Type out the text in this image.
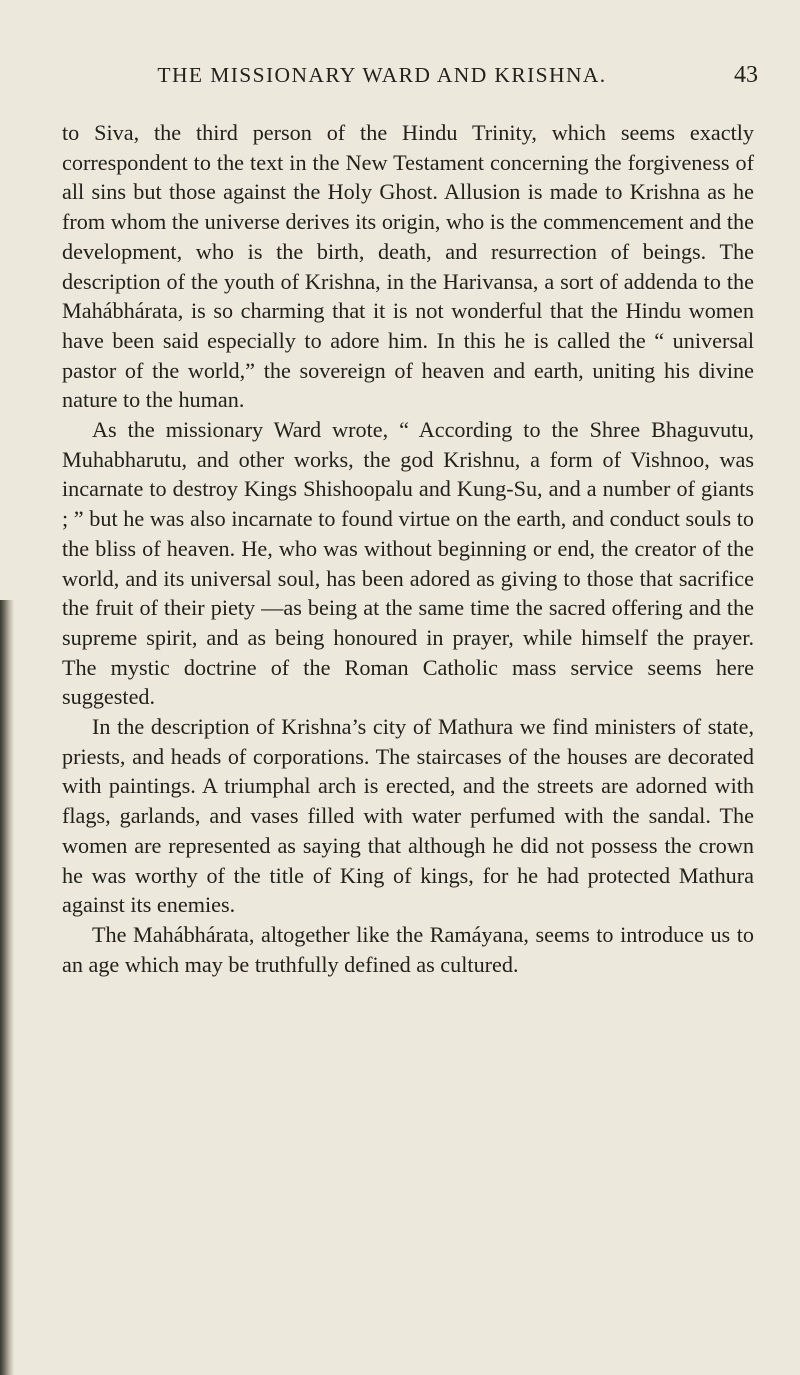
THE MISSIONARY WARD AND KRISHNA.	43

to Siva, the third person of the Hindu Trinity, which seems exactly correspondent to the text in the New Testament concerning the forgiveness of all sins but those against the Holy Ghost. Allusion is made to Krishna as he from whom the universe derives its origin, who is the commencement and the development, who is the birth, death, and resurrection of beings. The description of the youth of Krishna, in the Harivansa, a sort of addenda to the Mahábhárata, is so charming that it is not wonderful that the Hindu women have been said especially to adore him. In this he is called the “ universal pastor of the world,” the sovereign of heaven and earth, uniting his divine nature to the human.

As the missionary Ward wrote, “ According to the Shree Bhaguvutu, Muhabharutu, and other works, the god Krishnu, a form of Vishnoo, was incarnate to destroy Kings Shishoopalu and Kung-Su, and a number of giants ; ” but he was also incarnate to found virtue on the earth, and conduct souls to the bliss of heaven. He, who was without beginning or end, the creator of the world, and its universal soul, has been adored as giving to those that sacrifice the fruit of their piety —as being at the same time the sacred offering and the supreme spirit, and as being honoured in prayer, while himself the prayer. The mystic doctrine of the Roman Catholic mass service seems here suggested.

In the description of Krishna’s city of Mathura we find ministers of state, priests, and heads of corporations. The staircases of the houses are decorated with paintings. A triumphal arch is erected, and the streets are adorned with flags, garlands, and vases filled with water perfumed with the sandal. The women are represented as saying that although he did not possess the crown he was worthy of the title of King of kings, for he had protected Mathura against its enemies.

The Mahábhárata, altogether like the Ramáyana, seems to introduce us to an age which may be truthfully defined as cultured.
